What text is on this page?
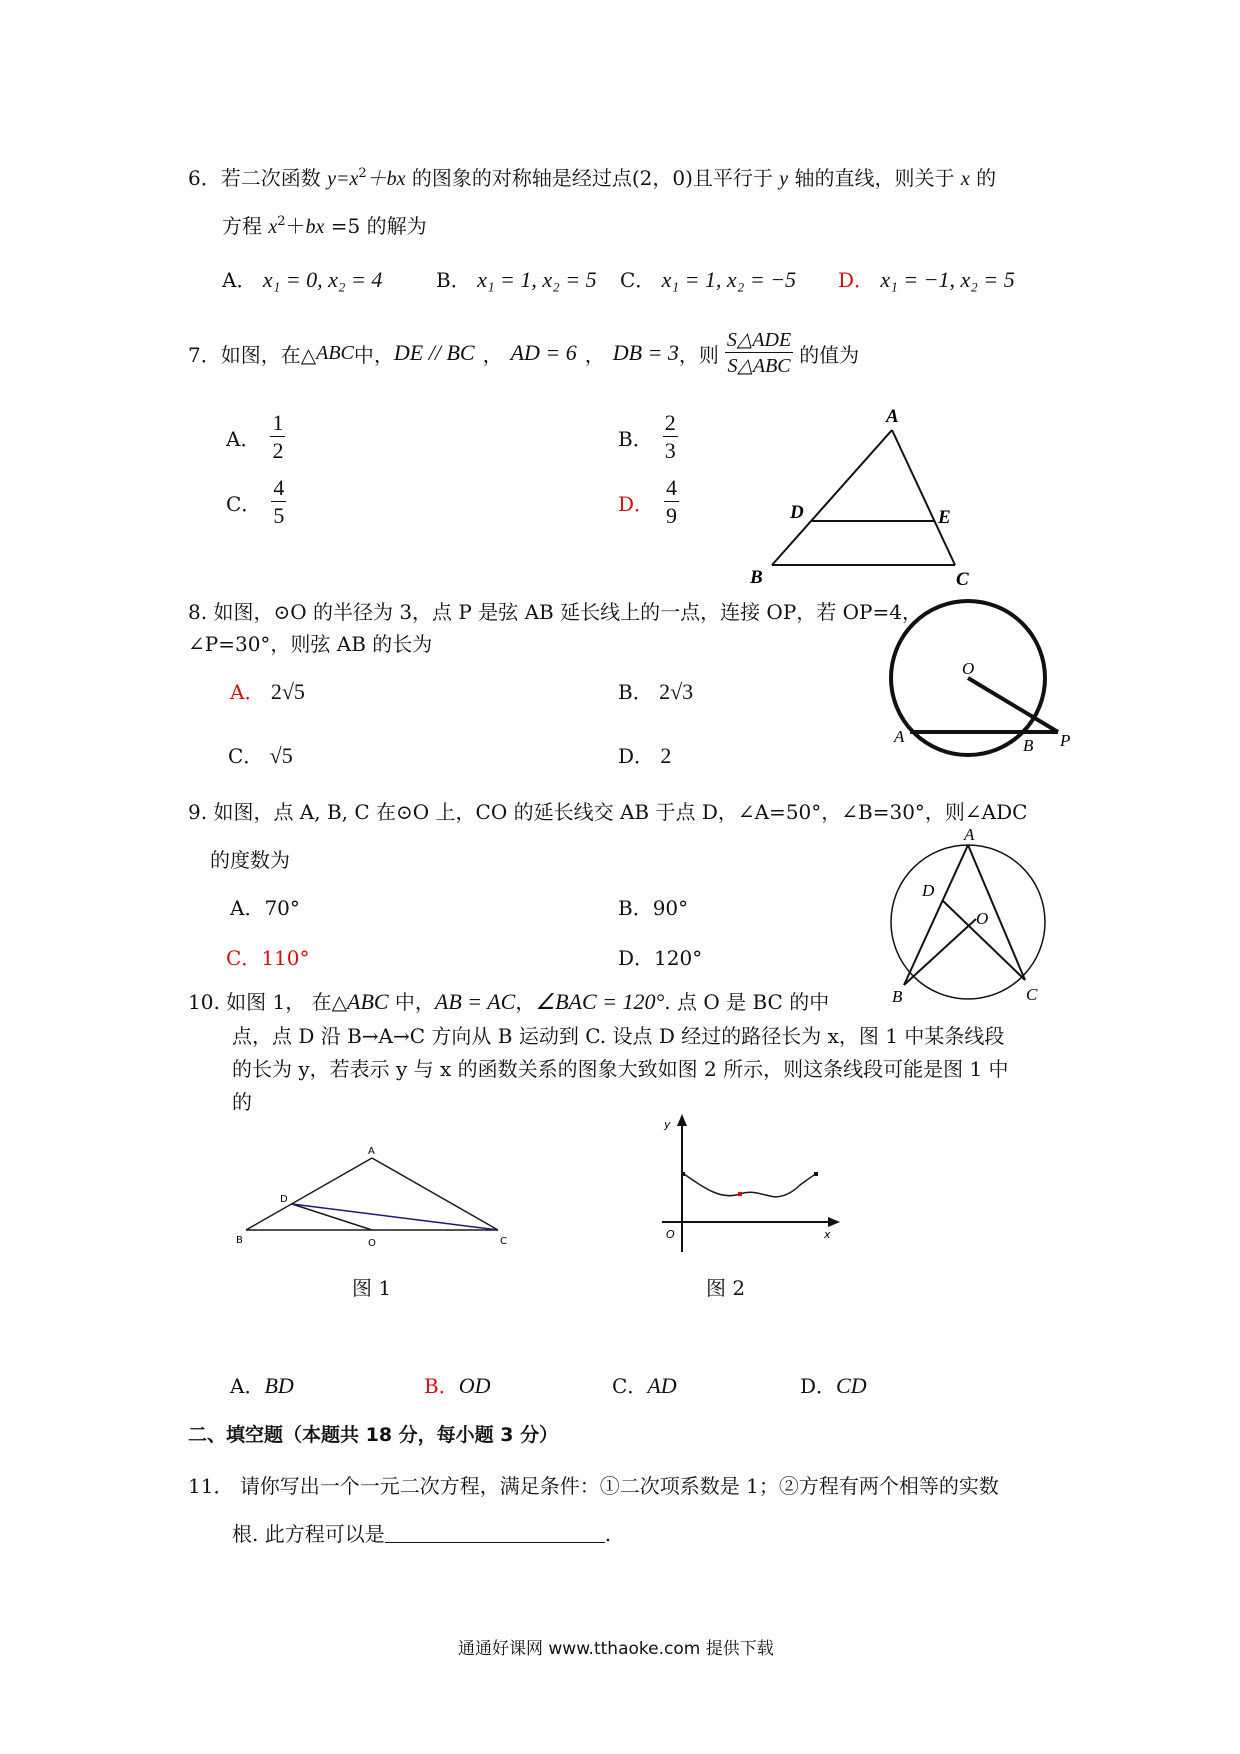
6．若二次函数 $y=x^2+bx$ 的图象的对称轴是经过点(2，0)且平行于 y 轴的直线，则关于 x 的
方程 $x^2+bx =5$ 的解为
A． x₁ = 0, x₂ = 4	B． x₁ = 1, x₂ = 5 C． x₁ = 1, x₂ = −5 D． x₁ = −1, x₂ = 5
7． 如图，在△ ABC 中， DE // BC ， AD = 6 ， DB = 3 ，则 $\frac{\text{S△ADE}}{\text{S△ABC}}$ 的值为
A． $\frac{1}{2}$	B． $\frac{2}{3}$
C． $\frac{4}{5}$	D． $\frac{4}{9}$
A
D	E
B	C
8. 如图，⊙O 的半径为 3，点 P 是弦 AB 延长线上的一点，连接 OP，若 OP=4，
∠P=30°，则弦 AB 的长为
A． 2√5	B． 2√3
C． √5	D． 2
O
A	B P
9. 如图，点 A, B, C 在⊙O 上，CO 的延长线交 AB 于点 D，∠A=50°，∠B=30°，则∠ADC
的度数为
A．70°	B．90°
C．110°	D．120°
A
D
O
B	C
10. 如图 1， 在△ABC 中，AB = AC，∠BAC = 120°. 点 O 是 BC 的中
点，点 D 沿 B→A→C 方向从 B 运动到 C. 设点 D 经过的路径长为 x，图 1 中某条线段
的长为 y，若表示 y 与 x 的函数关系的图象大致如图 2 所示，则这条线段可能是图 1 中
的
A
D
B	O	C
图 1
y
O	x
图 2
A．BD	B．OD	C．AD	D．CD
二、填空题（本题共 18 分，每小题 3 分）
11． 请你写出一个一元二次方程，满足条件：①二次项系数是 1；②方程有两个相等的实数
根. 此方程可以是	.
通通好课网 www.tthaoke.com 提供下载
